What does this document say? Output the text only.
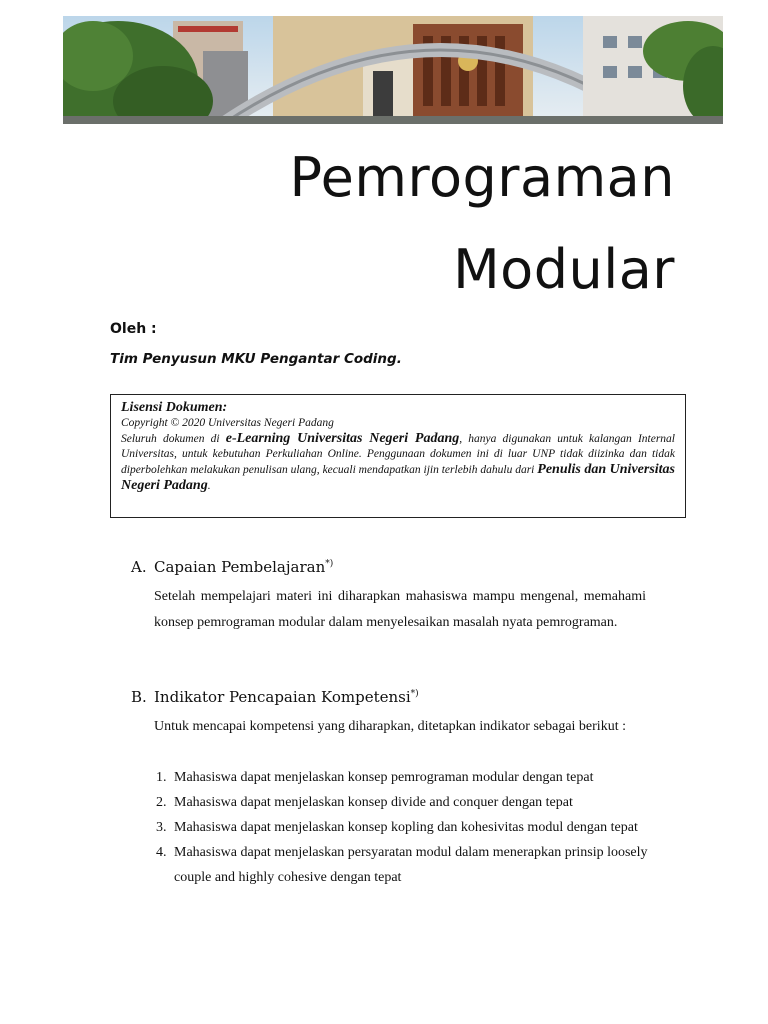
Pemrograman
Modular
Oleh :
Tim Penyusun MKU Pengantar Coding.
Lisensi Dokumen:
Copyright © 2020 Universitas Negeri Padang
Seluruh dokumen di e-Learning Universitas Negeri Padang, hanya digunakan untuk kalangan Internal Universitas, untuk kebutuhan Perkuliahan Online. Penggunaan dokumen ini di luar UNP tidak diizinka dan tidak diperbolehkan melakukan penulisan ulang, kecuali mendapatkan ijin terlebih dahulu dari Penulis dan Universitas Negeri Padang.
A. Capaian Pembelajaran*)
Setelah mempelajari materi ini diharapkan mahasiswa mampu mengenal, memahami konsep pemrograman modular dalam menyelesaikan masalah nyata pemrograman.
B. Indikator Pencapaian Kompetensi*)
Untuk mencapai kompetensi yang diharapkan, ditetapkan indikator sebagai berikut :
1. Mahasiswa dapat menjelaskan konsep pemrograman modular dengan tepat
2. Mahasiswa dapat menjelaskan konsep divide and conquer dengan tepat
3. Mahasiswa dapat menjelaskan konsep kopling dan kohesivitas modul dengan tepat
4. Mahasiswa dapat menjelaskan persyaratan modul dalam menerapkan prinsip loosely couple and highly cohesive dengan tepat
